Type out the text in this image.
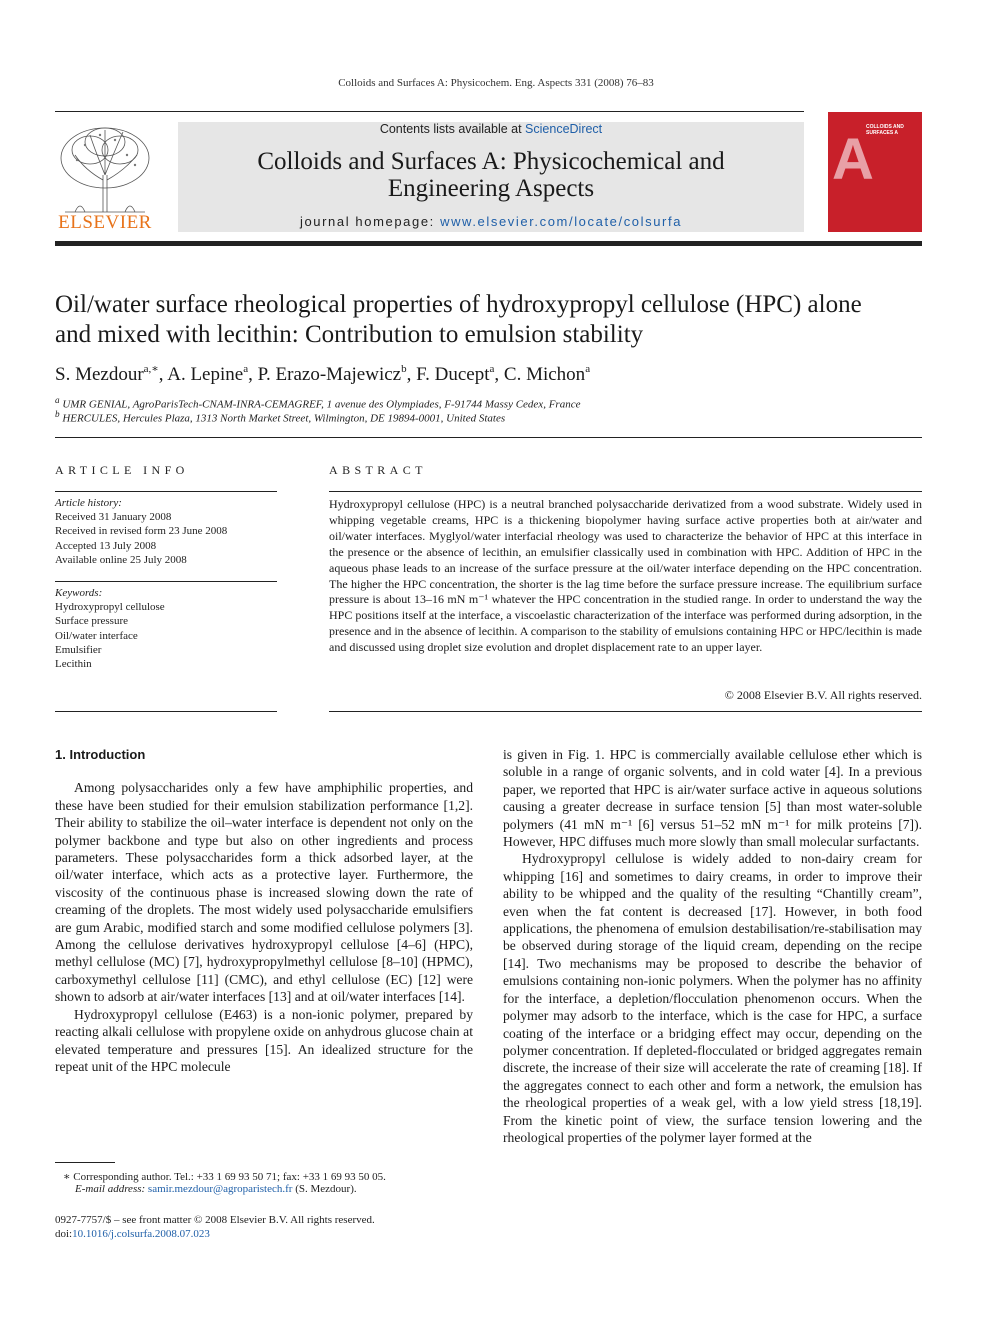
Colloids and Surfaces A: Physicochem. Eng. Aspects 331 (2008) 76–83
ELSEVIER
Contents lists available at ScienceDirect
Colloids and Surfaces A: Physicochemical and
Engineering Aspects
journal homepage: www.elsevier.com/locate/colsurfa
A
COLLOIDS AND SURFACES A
Oil/water surface rheological properties of hydroxypropyl cellulose (HPC) alone
and mixed with lecithin: Contribution to emulsion stability
S. Mezdour$^{a,∗}$, A. Lepine$^a$, P. Erazo-Majewicz$^b$, F. Ducept$^a$, C. Michon$^a$
$^a$ UMR GENIAL, AgroParisTech-CNAM-INRA-CEMAGREF, 1 avenue des Olympiades, F-91744 Massy Cedex, France
$^b$ HERCULES, Hercules Plaza, 1313 North Market Street, Wilmington, DE 19894-0001, United States
ARTICLE INFO
Article history:
Received 31 January 2008
Received in revised form 23 June 2008
Accepted 13 July 2008
Available online 25 July 2008
Keywords:
Hydroxypropyl cellulose
Surface pressure
Oil/water interface
Emulsifier
Lecithin
ABSTRACT
Hydroxypropyl cellulose (HPC) is a neutral branched polysaccharide derivatized from a wood substrate. Widely used in whipping vegetable creams, HPC is a thickening biopolymer having surface active properties both at air/water and oil/water interfaces. Myglyol/water interfacial rheology was used to characterize the behavior of HPC at this interface in the presence or the absence of lecithin, an emulsifier classically used in combination with HPC. Addition of HPC in the aqueous phase leads to an increase of the surface pressure at the oil/water interface depending on the HPC concentration. The higher the HPC concentration, the shorter is the lag time before the surface pressure increase. The equilibrium surface pressure is about 13–16 mN m⁻¹ whatever the HPC concentration in the studied range. In order to understand the way the HPC positions itself at the interface, a viscoelastic characterization of the interface was performed during adsorption, in the presence and in the absence of lecithin. A comparison to the stability of emulsions containing HPC or HPC/lecithin is made and discussed using droplet size evolution and droplet displacement rate to an upper layer.
© 2008 Elsevier B.V. All rights reserved.

1. Introduction

Among polysaccharides only a few have amphiphilic properties, and these have been studied for their emulsion stabilization performance [1,2]. Their ability to stabilize the oil–water interface is dependent not only on the polymer backbone and type but also on other ingredients and process parameters. These polysaccharides form a thick adsorbed layer, at the oil/water interface, which acts as a protective layer. Furthermore, the viscosity of the continuous phase is increased slowing down the rate of creaming of the droplets. The most widely used polysaccharide emulsifiers are gum Arabic, modified starch and some modified cellulose polymers [3]. Among the cellulose derivatives hydroxypropyl cellulose [4–6] (HPC), methyl cellulose (MC) [7], hydroxypropylmethyl cellulose [8–10] (HPMC), carboxymethyl cellulose [11] (CMC), and ethyl cellulose (EC) [12] were shown to adsorb at air/water interfaces [13] and at oil/water interfaces [14].

Hydroxypropyl cellulose (E463) is a non-ionic polymer, prepared by reacting alkali cellulose with propylene oxide on anhydrous glucose chain at elevated temperature and pressures [15]. An idealized structure for the repeat unit of the HPC molecule

is given in Fig. 1. HPC is commercially available cellulose ether which is soluble in a range of organic solvents, and in cold water [4]. In a previous paper, we reported that HPC is air/water surface active in aqueous solutions causing a greater decrease in surface tension [5] than most water-soluble polymers (41 mN m⁻¹ [6] versus 51–52 mN m⁻¹ for milk proteins [7]). However, HPC diffuses much more slowly than small molecular surfactants.

Hydroxypropyl cellulose is widely added to non-dairy cream for whipping [16] and sometimes to dairy creams, in order to improve their ability to be whipped and the quality of the resulting “Chantilly cream”, even when the fat content is decreased [17]. However, in both food applications, the phenomena of emulsion destabilisation/re-stabilisation may be observed during storage of the liquid cream, depending on the recipe [14]. Two mechanisms may be proposed to describe the behavior of emulsions containing non-ionic polymers. When the polymer has no affinity for the interface, a depletion/flocculation phenomenon occurs. When the polymer may adsorb to the interface, which is the case for HPC, a surface coating of the interface or a bridging effect may occur, depending on the polymer concentration. If depleted-flocculated or bridged aggregates remain discrete, the increase of their size will accelerate the rate of creaming [18]. If the aggregates connect to each other and form a network, the emulsion has the rheological properties of a weak gel, with a low yield stress [18,19]. From the kinetic point of view, the surface tension lowering and the rheological properties of the polymer layer formed at the

∗ Corresponding author. Tel.: +33 1 69 93 50 71; fax: +33 1 69 93 50 05.
E-mail address: samir.mezdour@agroparistech.fr (S. Mezdour).
0927-7757/$ – see front matter © 2008 Elsevier B.V. All rights reserved.
doi:10.1016/j.colsurfa.2008.07.023
